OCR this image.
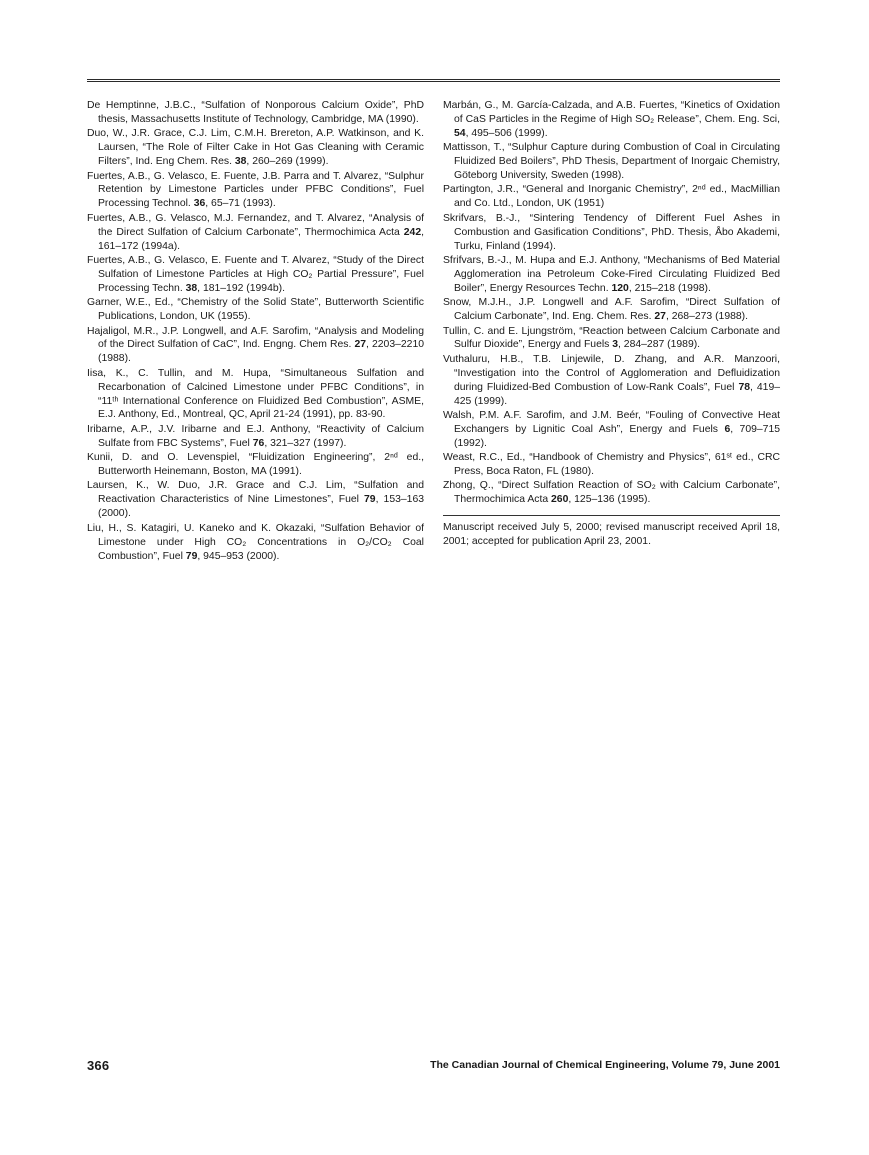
De Hemptinne, J.B.C., “Sulfation of Nonporous Calcium Oxide”, PhD thesis, Massachusetts Institute of Technology, Cambridge, MA (1990).

Duo, W., J.R. Grace, C.J. Lim, C.M.H. Brereton, A.P. Watkinson, and K. Laursen, “The Role of Filter Cake in Hot Gas Cleaning with Ceramic Filters”, Ind. Eng Chem. Res. 38, 260–269 (1999).

Fuertes, A.B., G. Velasco, E. Fuente, J.B. Parra and T. Alvarez, “Sulphur Retention by Limestone Particles under PFBC Conditions”, Fuel Processing Technol. 36, 65–71 (1993).

Fuertes, A.B., G. Velasco, M.J. Fernandez, and T. Alvarez, “Analysis of the Direct Sulfation of Calcium Carbonate”, Thermochimica Acta 242, 161–172 (1994a).

Fuertes, A.B., G. Velasco, E. Fuente and T. Alvarez, “Study of the Direct Sulfation of Limestone Particles at High CO₂ Partial Pressure”, Fuel Processing Techn. 38, 181–192 (1994b).

Garner, W.E., Ed., “Chemistry of the Solid State”, Butterworth Scientific Publications, London, UK (1955).

Hajaligol, M.R., J.P. Longwell, and A.F. Sarofim, “Analysis and Modeling of the Direct Sulfation of CaC”, Ind. Engng. Chem Res. 27, 2203–2210 (1988).

Iisa, K., C. Tullin, and M. Hupa, “Simultaneous Sulfation and Recarbonation of Calcined Limestone under PFBC Conditions”, in “11ᵗʰ International Conference on Fluidized Bed Combustion”, ASME, E.J. Anthony, Ed., Montreal, QC, April 21-24 (1991), pp. 83-90.

Iribarne, A.P., J.V. Iribarne and E.J. Anthony, “Reactivity of Calcium Sulfate from FBC Systems”, Fuel 76, 321–327 (1997).

Kunii, D. and O. Levenspiel, “Fluidization Engineering”, 2ⁿᵈ ed., Butterworth Heinemann, Boston, MA (1991).

Laursen, K., W. Duo, J.R. Grace and C.J. Lim, “Sulfation and Reactivation Characteristics of Nine Limestones”, Fuel 79, 153–163 (2000).

Liu, H., S. Katagiri, U. Kaneko and K. Okazaki, “Sulfation Behavior of Limestone under High CO₂ Concentrations in O₂/CO₂ Coal Combustion”, Fuel 79, 945–953 (2000).

Marbán, G., M. García-Calzada, and A.B. Fuertes, “Kinetics of Oxidation of CaS Particles in the Regime of High SO₂ Release”, Chem. Eng. Sci, 54, 495–506 (1999).

Mattisson, T., “Sulphur Capture during Combustion of Coal in Circulating Fluidized Bed Boilers”, PhD Thesis, Department of Inorgaic Chemistry, Göteborg University, Sweden (1998).

Partington, J.R., “General and Inorganic Chemistry”, 2ⁿᵈ ed., MacMillian and Co. Ltd., London, UK (1951)

Skrifvars, B.-J., “Sintering Tendency of Different Fuel Ashes in Combustion and Gasification Conditions”, PhD. Thesis, Åbo Akademi, Turku, Finland (1994).

Sfrifvars, B.-J., M. Hupa and E.J. Anthony, “Mechanisms of Bed Material Agglomeration ina Petroleum Coke-Fired Circulating Fluidized Bed Boiler”, Energy Resources Techn. 120, 215–218 (1998).

Snow, M.J.H., J.P. Longwell and A.F. Sarofim, “Direct Sulfation of Calcium Carbonate”, Ind. Eng. Chem. Res. 27, 268–273 (1988).

Tullin, C. and E. Ljungström, “Reaction between Calcium Carbonate and Sulfur Dioxide”, Energy and Fuels 3, 284–287 (1989).

Vuthaluru, H.B., T.B. Linjewile, D. Zhang, and A.R. Manzoori, “Investigation into the Control of Agglomeration and Defluidization during Fluidized-Bed Combustion of Low-Rank Coals”, Fuel 78, 419–425 (1999).

Walsh, P.M. A.F. Sarofim, and J.M. Beér, “Fouling of Convective Heat Exchangers by Lignitic Coal Ash”, Energy and Fuels 6, 709–715 (1992).

Weast, R.C., Ed., “Handbook of Chemistry and Physics”, 61ˢᵗ ed., CRC Press, Boca Raton, FL (1980).

Zhong, Q., “Direct Sulfation Reaction of SO₂ with Calcium Carbonate”, Thermochimica Acta 260, 125–136 (1995).

Manuscript received July 5, 2000; revised manuscript received April 18, 2001; accepted for publication April 23, 2001.
366	The Canadian Journal of Chemical Engineering, Volume 79, June 2001
